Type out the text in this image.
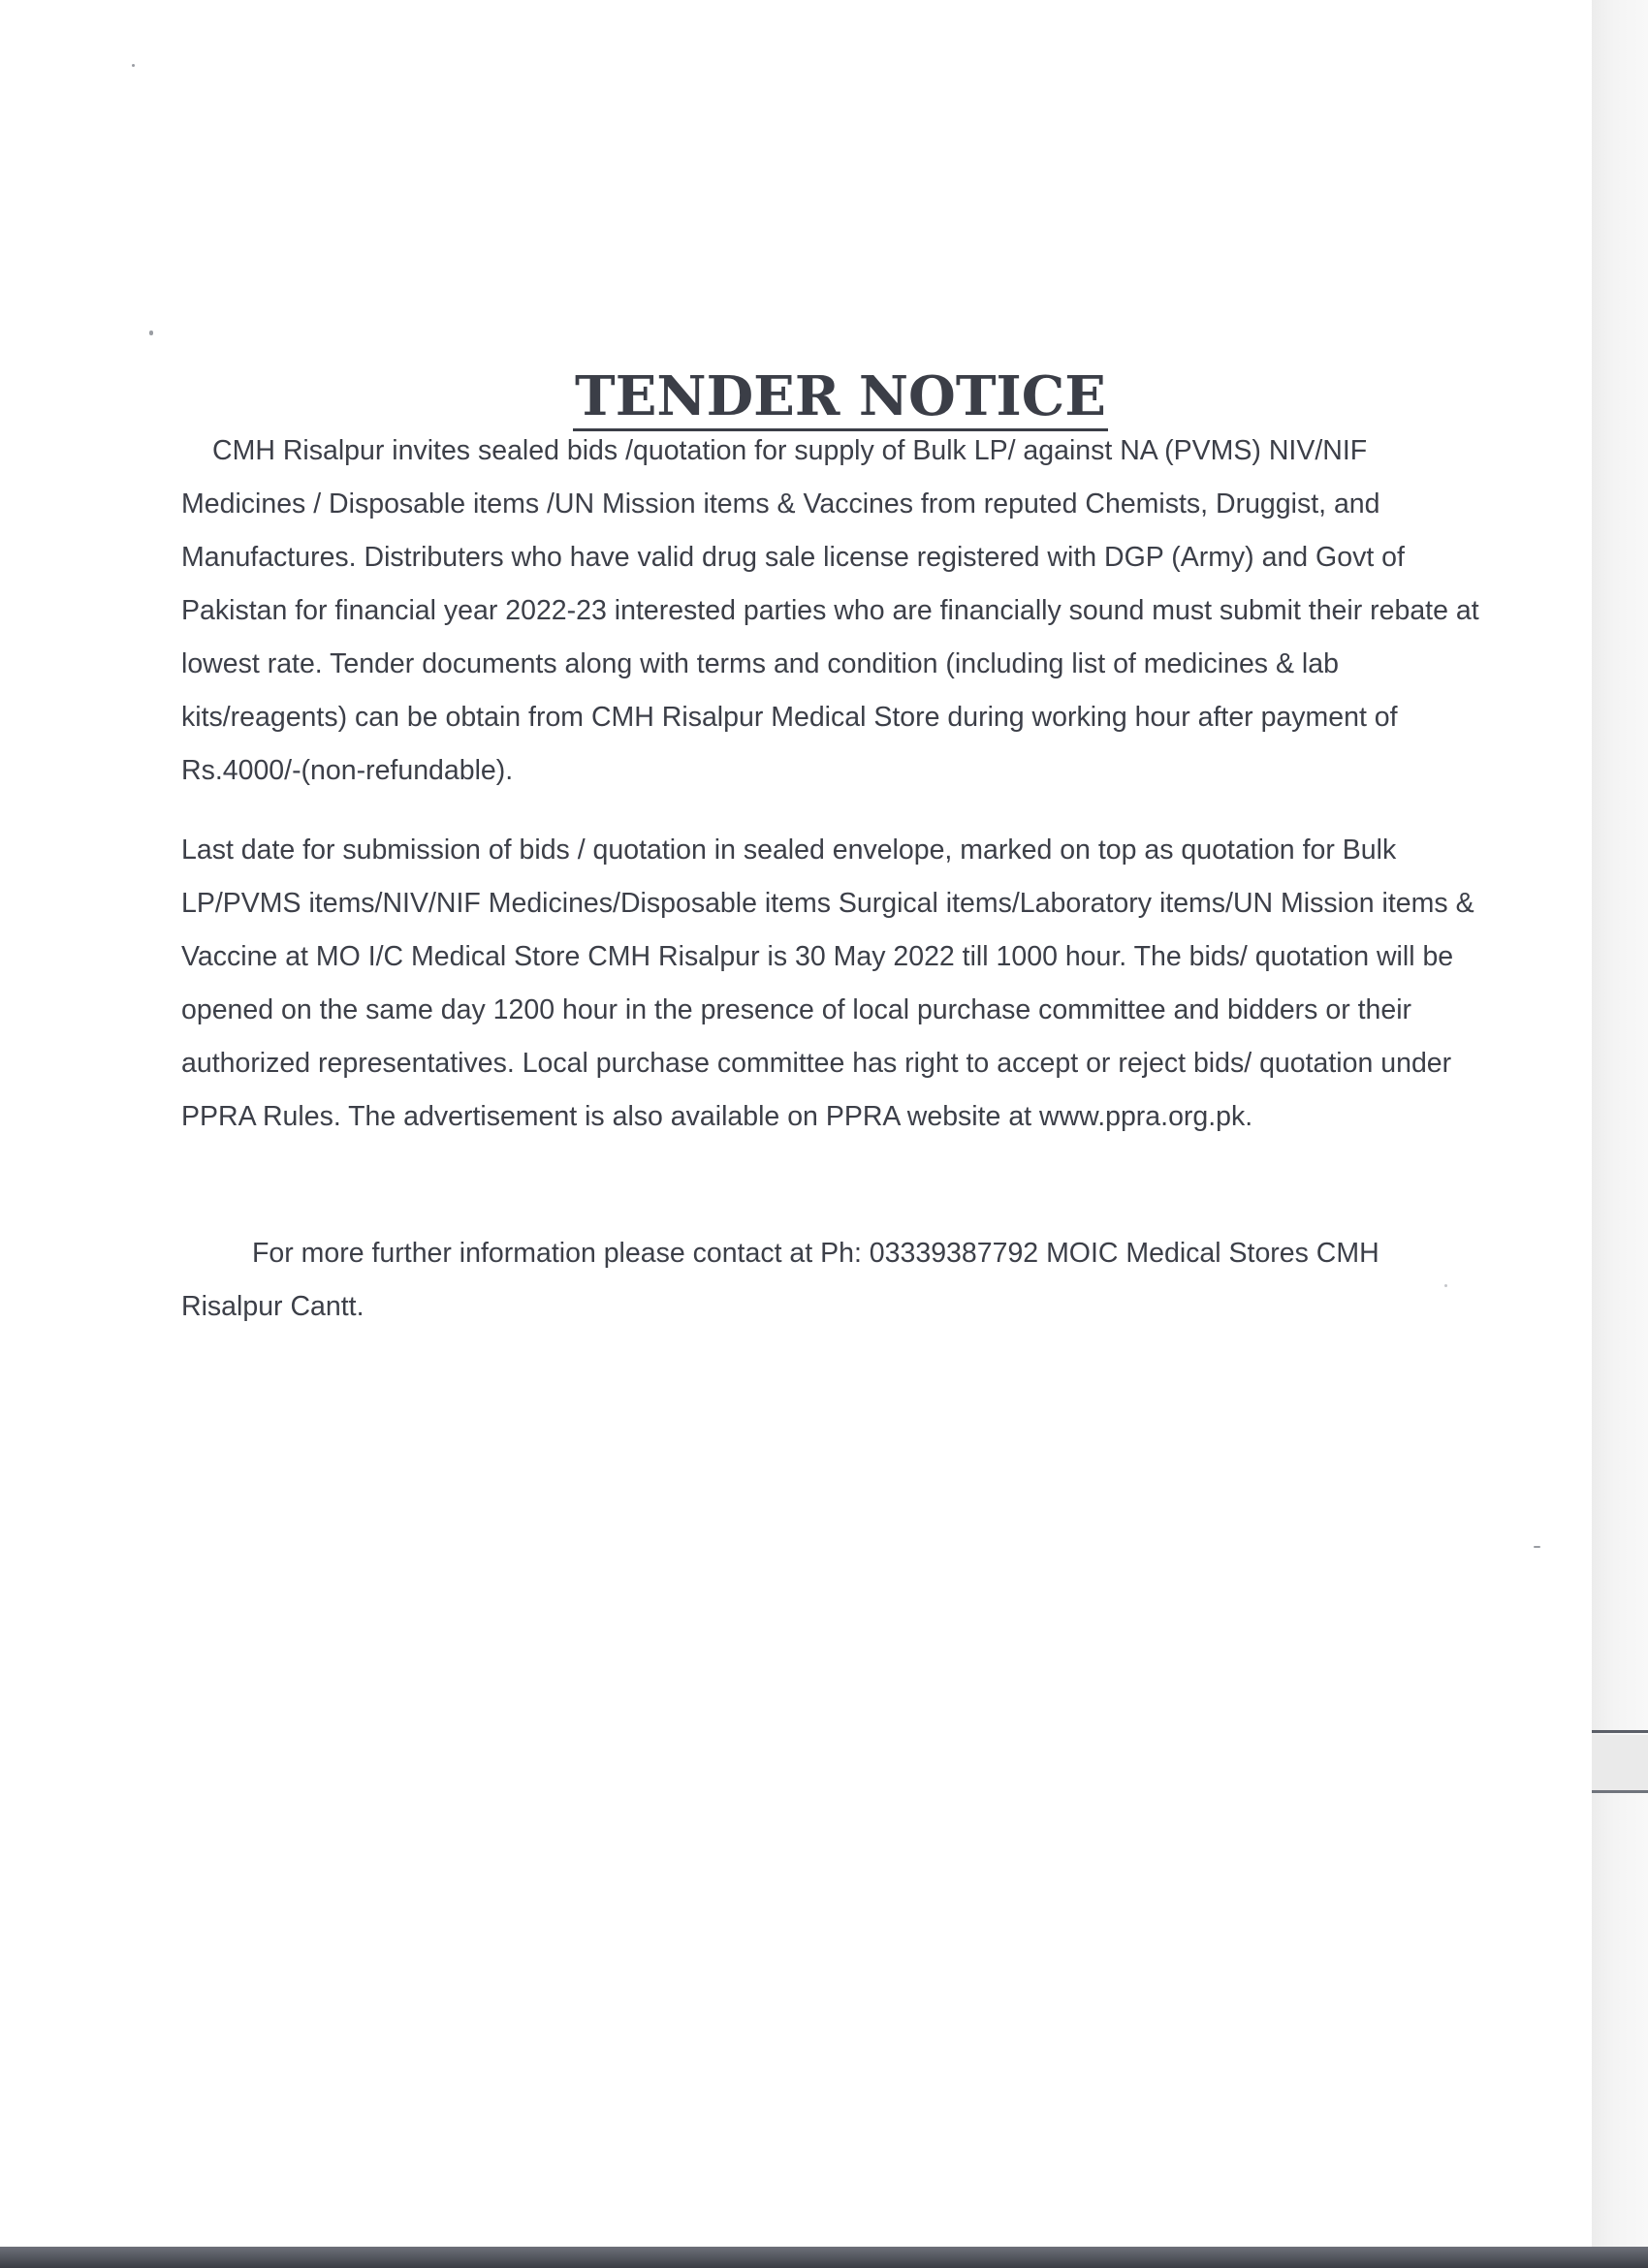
TENDER NOTICE

CMH Risalpur invites sealed bids /quotation for supply of Bulk LP/ against NA (PVMS) NIV/NIF Medicines / Disposable items /UN Mission items & Vaccines from reputed Chemists, Druggist, and Manufactures. Distributers who have valid drug sale license registered with DGP (Army) and Govt of Pakistan for financial year 2022-23 interested parties who are financially sound must submit their rebate at lowest rate. Tender documents along with terms and condition (including list of medicines & lab kits/reagents) can be obtain from CMH Risalpur Medical Store during working hour after payment of Rs.4000/-(non-refundable).

Last date for submission of bids / quotation in sealed envelope, marked on top as quotation for Bulk LP/PVMS items/NIV/NIF Medicines/Disposable items Surgical items/Laboratory items/UN Mission items & Vaccine at MO I/C Medical Store CMH Risalpur is 30 May 2022 till 1000 hour. The bids/ quotation will be opened on the same day 1200 hour in the presence of local purchase committee and bidders or their authorized representatives. Local purchase committee has right to accept or reject bids/ quotation under PPRA Rules. The advertisement is also available on PPRA website at www.ppra.org.pk.

For more further information please contact at Ph: 03339387792 MOIC Medical Stores CMH Risalpur Cantt.
